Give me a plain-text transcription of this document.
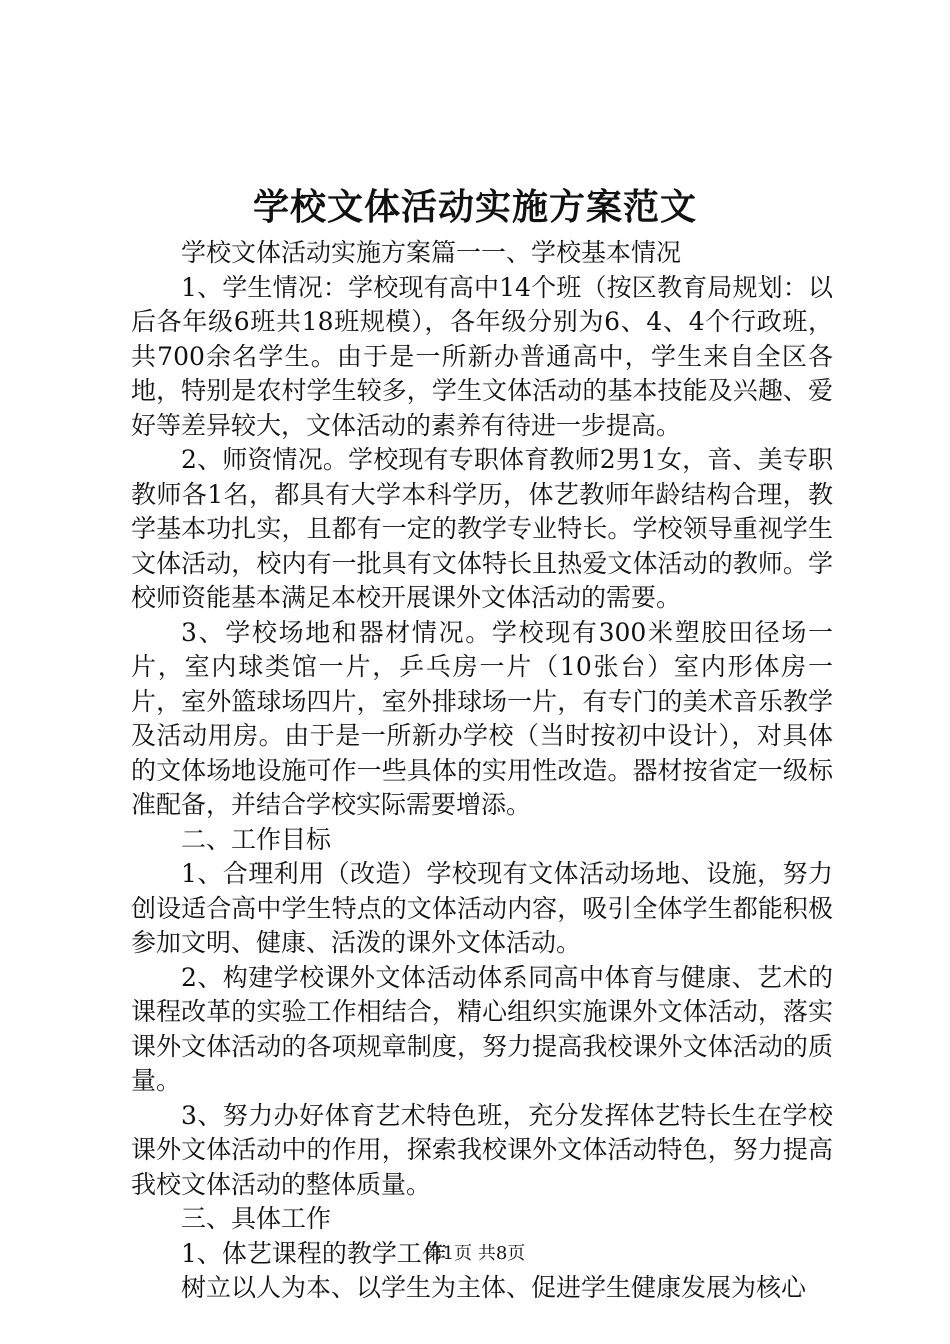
学校文体活动实施方案范文

学校文体活动实施方案篇一一、学校基本情况

1、学生情况：学校现有高中14个班（按区教育局规划：以后各年级6班共18班规模），各年级分别为6、4、4个行政班，共700余名学生。由于是一所新办普通高中，学生来自全区各地，特别是农村学生较多，学生文体活动的基本技能及兴趣、爱好等差异较大，文体活动的素养有待进一步提高。

2、师资情况。学校现有专职体育教师2男1女，音、美专职教师各1名，都具有大学本科学历，体艺教师年龄结构合理，教学基本功扎实，且都有一定的教学专业特长。学校领导重视学生文体活动，校内有一批具有文体特长且热爱文体活动的教师。学校师资能基本满足本校开展课外文体活动的需要。

3、学校场地和器材情况。学校现有300米塑胶田径场一片，室内球类馆一片，乒乓房一片（10张台）室内形体房一片，室外篮球场四片，室外排球场一片，有专门的美术音乐教学及活动用房。由于是一所新办学校（当时按初中设计），对具体的文体场地设施可作一些具体的实用性改造。器材按省定一级标准配备，并结合学校实际需要增添。

二、工作目标

1、合理利用（改造）学校现有文体活动场地、设施，努力创设适合高中学生特点的文体活动内容，吸引全体学生都能积极参加文明、健康、活泼的课外文体活动。

2、构建学校课外文体活动体系同高中体育与健康、艺术的课程改革的实验工作相结合，精心组织实施课外文体活动，落实课外文体活动的各项规章制度，努力提高我校课外文体活动的质量。

3、努力办好体育艺术特色班，充分发挥体艺特长生在学校课外文体活动中的作用，探索我校课外文体活动特色，努力提高我校文体活动的整体质量。

三、具体工作

1、体艺课程的教学工作

树立以人为本、以学生为主体、促进学生健康发展为核心

第1页 共8页
